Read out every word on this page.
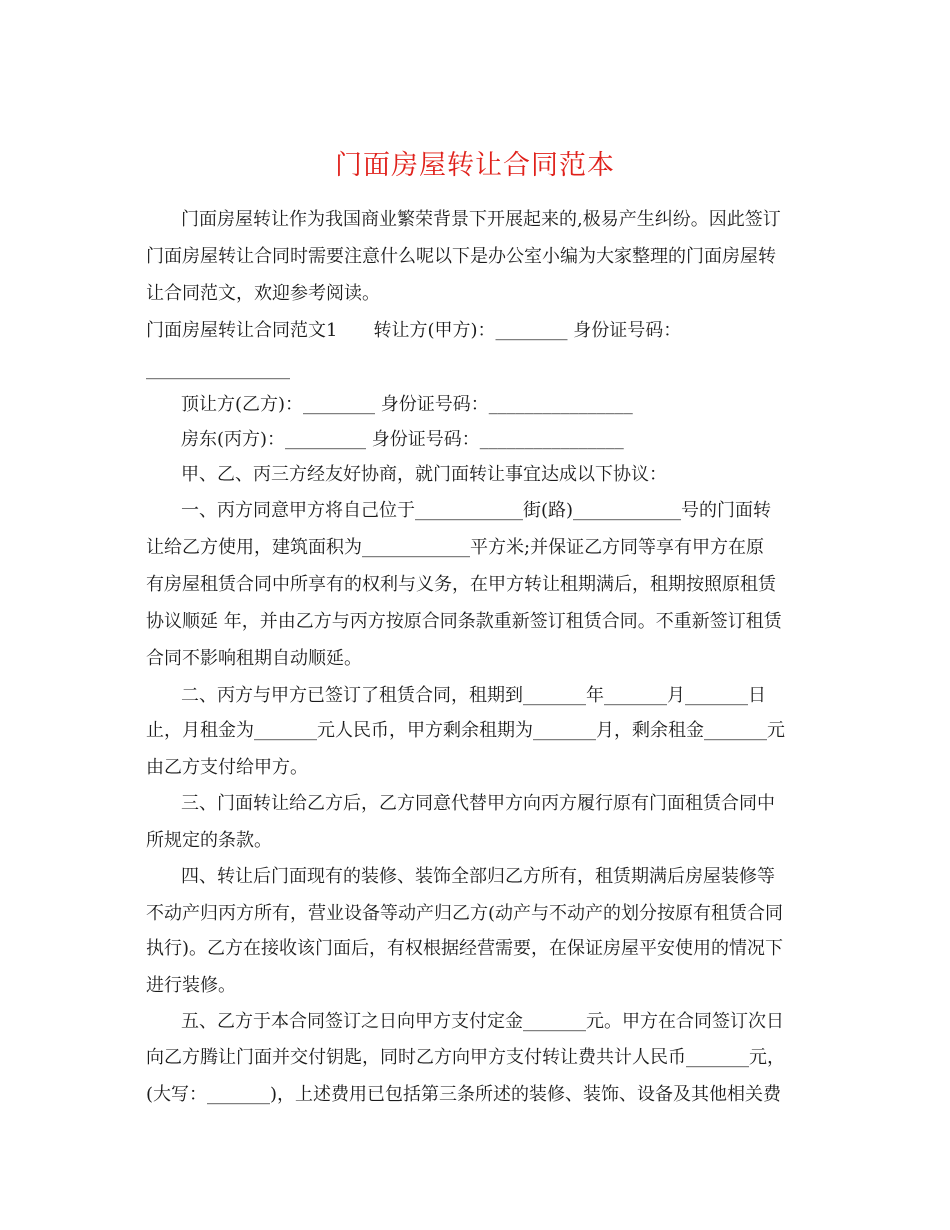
门面房屋转让合同范本

门面房屋转让作为我国商业繁荣背景下开展起来的,极易产生纠纷。因此签订

门面房屋转让合同时需要注意什么呢以下是办公室小编为大家整理的门面房屋转

让合同范文，欢迎参考阅读。

门面房屋转让合同范文1　　转让方(甲方)：________ 身份证号码：

________________

顶让方(乙方)：________ 身份证号码：________________

房东(丙方)：_________ 身份证号码：________________

甲、乙、丙三方经友好协商，就门面转让事宜达成以下协议：

一、丙方同意甲方将自己位于____________街(路)____________号的门面转

让给乙方使用，建筑面积为____________平方米;并保证乙方同等享有甲方在原

有房屋租赁合同中所享有的权利与义务，在甲方转让租期满后，租期按照原租赁

协议顺延 年，并由乙方与丙方按原合同条款重新签订租赁合同。不重新签订租赁

合同不影响租期自动顺延。

二、丙方与甲方已签订了租赁合同，租期到_______年_______月_______日

止，月租金为_______元人民币，甲方剩余租期为_______月，剩余租金_______元

由乙方支付给甲方。

三、门面转让给乙方后，乙方同意代替甲方向丙方履行原有门面租赁合同中

所规定的条款。

四、转让后门面现有的装修、装饰全部归乙方所有，租赁期满后房屋装修等

不动产归丙方所有，营业设备等动产归乙方(动产与不动产的划分按原有租赁合同

执行)。乙方在接收该门面后，有权根据经营需要，在保证房屋平安使用的情况下

进行装修。

五、乙方于本合同签订之日向甲方支付定金_______元。甲方在合同签订次日

向乙方腾让门面并交付钥匙，同时乙方向甲方支付转让费共计人民币_______元，

(大写：_______)，上述费用已包括第三条所述的装修、装饰、设备及其他相关费
